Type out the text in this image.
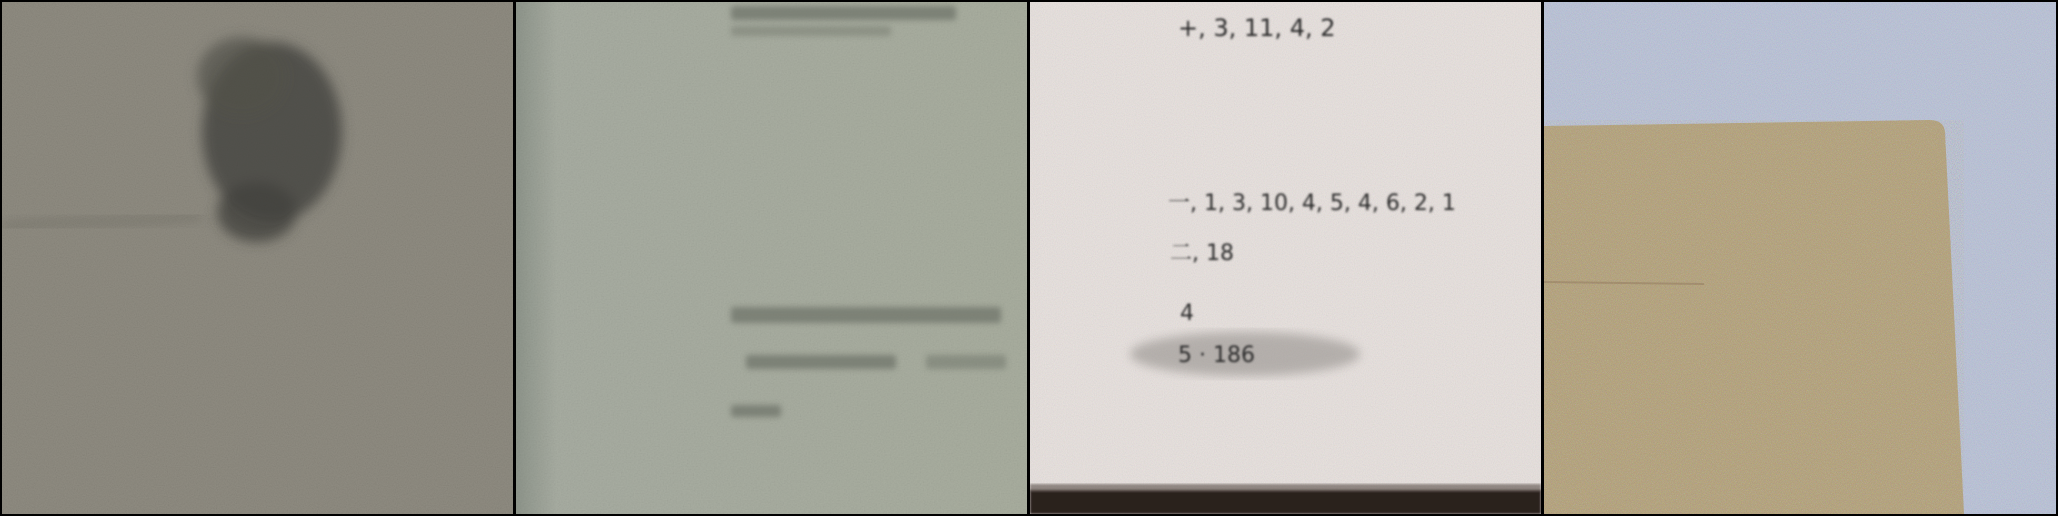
+, 3, 11, 4, 2
一, 1, 3, 10, 4, 5, 4, 6, 2, 1
二, 18
4
5 · 186
